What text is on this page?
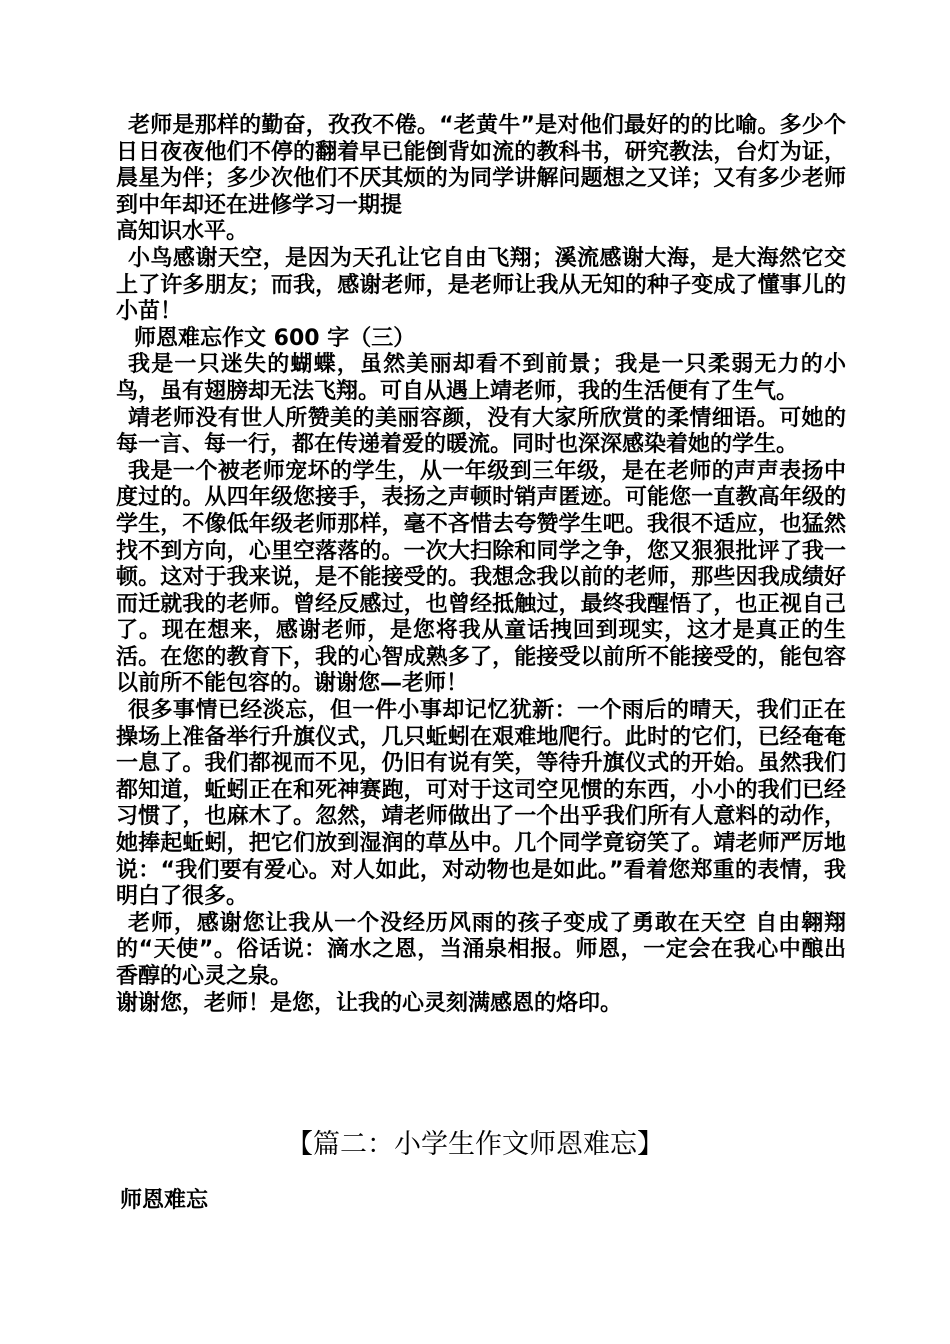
老师是那样的勤奋，孜孜不倦。“老黄牛”是对他们最好的的比喻。多少个日日夜夜他们不停的翻着早已能倒背如流的教科书，研究教法，台灯为证，晨星为伴；多少次他们不厌其烦的为同学讲解问题想之又详；又有多少老师到中年却还在进修学习一期提

高知识水平。

小鸟感谢天空，是因为天孔让它自由飞翔；溪流感谢大海，是大海然它交上了许多朋友；而我，感谢老师，是老师让我从无知的种子变成了懂事儿的小苗！

师恩难忘作文 600 字（三）

我是一只迷失的蝴蝶，虽然美丽却看不到前景；我是一只柔弱无力的小鸟，虽有翅膀却无法飞翔。可自从遇上靖老师，我的生活便有了生气。

靖老师没有世人所赞美的美丽容颜，没有大家所欣赏的柔情细语。可她的每一言、每一行，都在传递着爱的暖流。同时也深深感染着她的学生。

我是一个被老师宠坏的学生，从一年级到三年级，是在老师的声声表扬中度过的。从四年级您接手，表扬之声顿时销声匿迹。可能您一直教高年级的学生，不像低年级老师那样，毫不吝惜去夸赞学生吧。我很不适应，也猛然找不到方向，心里空落落的。一次大扫除和同学之争，您又狠狠批评了我一顿。这对于我来说，是不能接受的。我想念我以前的老师，那些因我成绩好而迁就我的老师。曾经反感过，也曾经抵触过，最终我醒悟了，也正视自己了。现在想来，感谢老师，是您将我从童话拽回到现实，这才是真正的生活。在您的教育下，我的心智成熟多了，能接受以前所不能接受的，能包容以前所不能包容的。谢谢您—老师！

很多事情已经淡忘，但一件小事却记忆犹新：一个雨后的晴天，我们正在操场上准备举行升旗仪式，几只蚯蚓在艰难地爬行。此时的它们，已经奄奄一息了。我们都视而不见，仍旧有说有笑，等待升旗仪式的开始。虽然我们都知道，蚯蚓正在和死神赛跑，可对于这司空见惯的东西，小小的我们已经习惯了，也麻木了。忽然，靖老师做出了一个出乎我们所有人意料的动作，她捧起蚯蚓，把它们放到湿润的草丛中。几个同学竟窃笑了。靖老师严厉地说：“我们要有爱心。对人如此，对动物也是如此。”看着您郑重的表情，我明白了很多。

老师，感谢您让我从一个没经历风雨的孩子变成了勇敢在天空 自由翱翔的“天使”。俗话说：滴水之恩，当涌泉相报。师恩，一定会在我心中酿出香醇的心灵之泉。

谢谢您，老师！是您，让我的心灵刻满感恩的烙印。

【篇二：小学生作文师恩难忘】
师恩难忘
